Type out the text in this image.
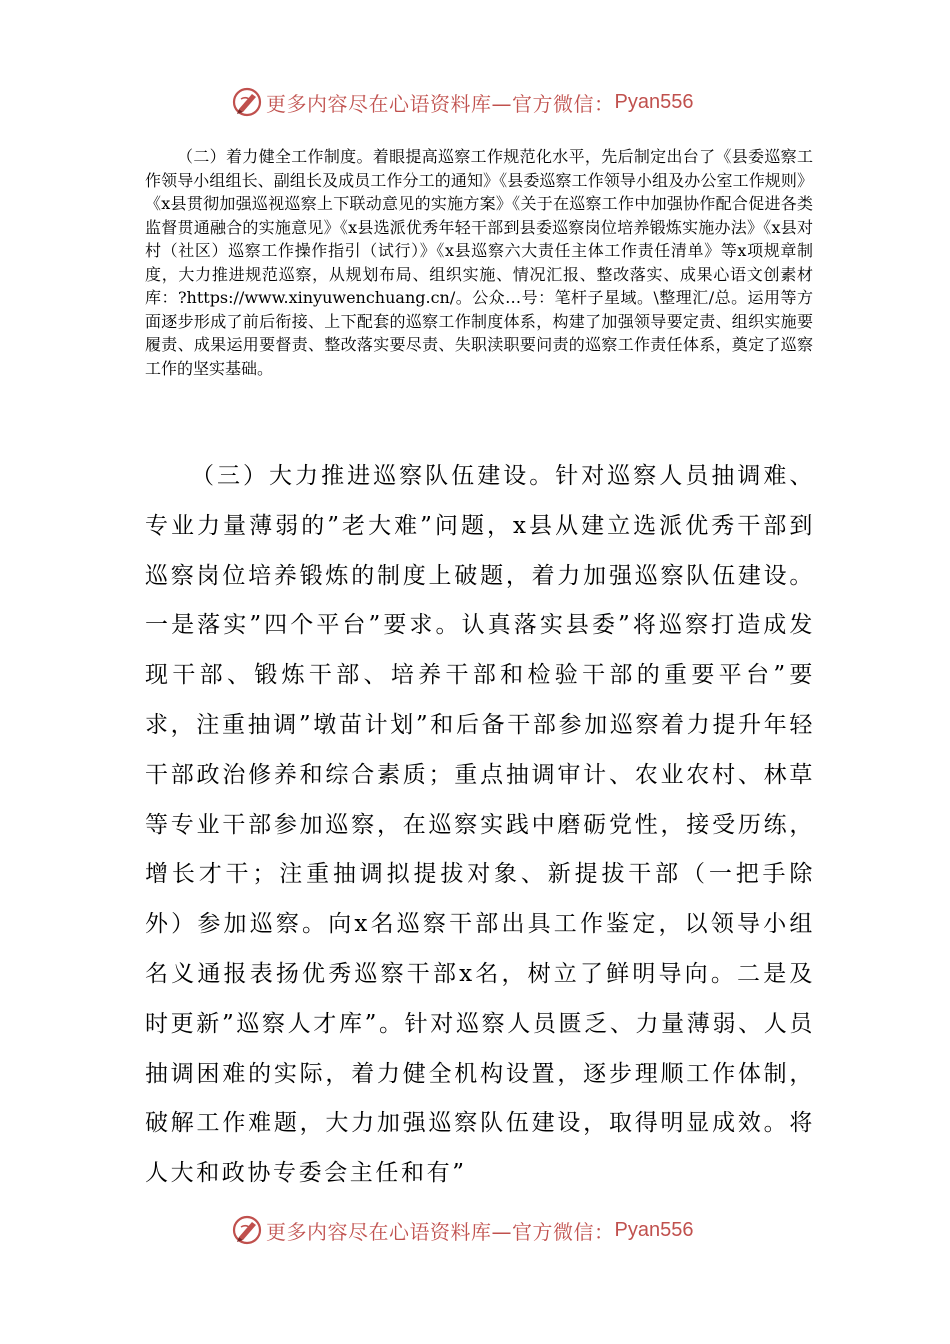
更多内容尽在心语资料库—官方微信： Pyan556

（二）着力健全工作制度。着眼提高巡察工作规范化水平，先后制定出台了《县委巡察工作领导小组组长、副组长及成员工作分工的通知》《县委巡察工作领导小组及办公室工作规则》《x县贯彻加强巡视巡察上下联动意见的实施方案》《关于在巡察工作中加强协作配合促进各类监督贯通融合的实施意见》《x县选派优秀年轻干部到县委巡察岗位培养锻炼实施办法》《x县对村（社区）巡察工作操作指引（试行）》《x县巡察六大责任主体工作责任清单》等x项规章制度，大力推进规范巡察，从规划布局、组织实施、情况汇报、整改落实、成果心语文创素材库：?https://www.xinyuwenchuang.cn/。公众…号：笔杆子星域。\整理汇/总。运用等方面逐步形成了前后衔接、上下配套的巡察工作制度体系，构建了加强领导要定责、组织实施要履责、成果运用要督责、整改落实要尽责、失职渎职要问责的巡察工作责任体系，奠定了巡察工作的坚实基础。

（三）大力推进巡察队伍建设。针对巡察人员抽调难、专业力量薄弱的”老大难”问题，x县从建立选派优秀干部到巡察岗位培养锻炼的制度上破题，着力加强巡察队伍建设。一是落实”四个平台”要求。认真落实县委”将巡察打造成发现干部、锻炼干部、培养干部和检验干部的重要平台”要求，注重抽调”墩苗计划”和后备干部参加巡察着力提升年轻干部政治修养和综合素质；重点抽调审计、农业农村、林草等专业干部参加巡察，在巡察实践中磨砺党性，接受历练，增长才干；注重抽调拟提拔对象、新提拔干部（一把手除外）参加巡察。向x名巡察干部出具工作鉴定，以领导小组名义通报表扬优秀巡察干部x名，树立了鲜明导向。二是及时更新”巡察人才库”。针对巡察人员匮乏、力量薄弱、人员抽调困难的实际，着力健全机构设置，逐步理顺工作体制，破解工作难题，大力加强巡察队伍建设，取得明显成效。将人大和政协专委会主任和有”

更多内容尽在心语资料库—官方微信： Pyan556
